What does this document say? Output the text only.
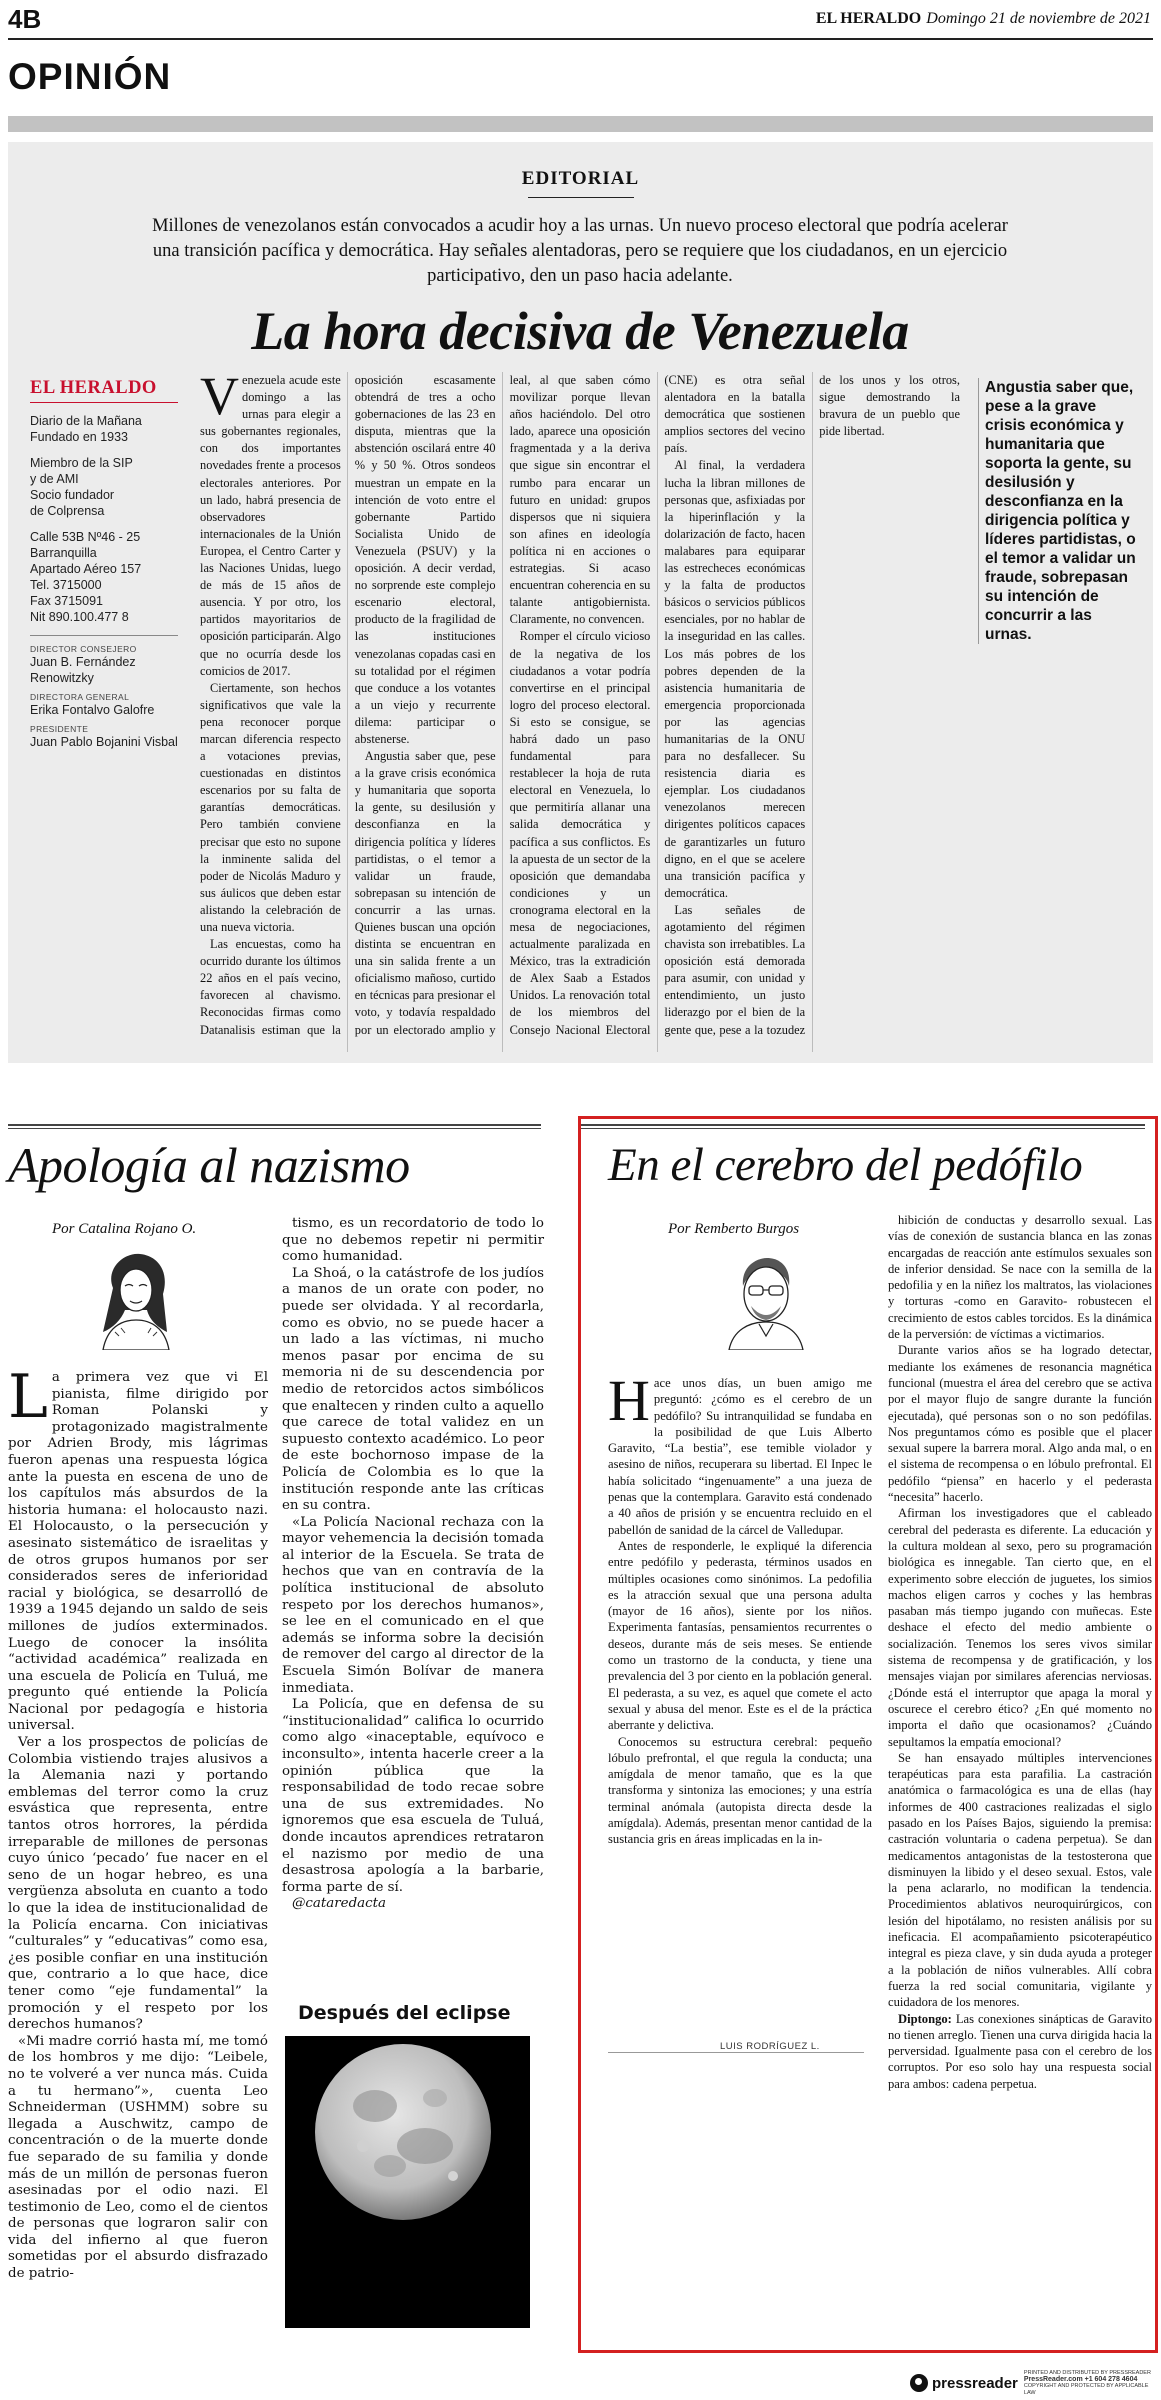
4B	EL HERALDO Domingo 21 de noviembre de 2021
OPINIÓN
EDITORIAL
Millones de venezolanos están convocados a acudir hoy a las urnas. Un nuevo proceso electoral que podría acelerar una transición pacífica y democrática. Hay señales alentadoras, pero se requiere que los ciudadanos, en un ejercicio participativo, den un paso hacia adelante.
La hora decisiva de Venezuela
EL HERALDO
Diario de la Mañana
Fundado en 1933
Miembro de la SIP
y de AMI
Socio fundador
de Colprensa
Calle 53B Nº46 - 25
Barranquilla
Apartado Aéreo 157
Tel. 3715000
Fax 3715091
Nit 890.100.477 8
DIRECTOR CONSEJERO
Juan B. Fernández Renowitzky
DIRECTORA GENERAL
Erika Fontalvo Galofre
PRESIDENTE
Juan Pablo Bojanini Visbal

Venezuela acude este domingo a las urnas para elegir a sus gobernantes regionales, con dos importantes novedades frente a procesos electorales anteriores. Por un lado, habrá presencia de observadores internacionales de la Unión Europea, el Centro Carter y las Naciones Unidas, luego de más de 15 años de ausencia. Y por otro, los partidos mayoritarios de oposición participarán. Algo que no ocurría desde los comicios de 2017.

Ciertamente, son hechos significativos que vale la pena reconocer porque marcan diferencia respecto a votaciones previas, cuestionadas en distintos escenarios por su falta de garantías democráticas. Pero también conviene precisar que esto no supone la inminente salida del poder de Nicolás Maduro y sus áulicos que deben estar alistando la celebración de una nueva victoria.

Las encuestas, como ha ocurrido durante los últimos 22 años en el país vecino, favorecen al chavismo. Reconocidas firmas como Datanalisis estiman que la oposición escasamente obtendrá de tres a ocho gobernaciones de las 23 en disputa, mientras que la abstención oscilará entre 40 % y 50 %. Otros sondeos muestran un empate en la intención de voto entre el gobernante Partido Socialista Unido de Venezuela (PSUV) y la oposición. A decir verdad, no sorprende este complejo escenario electoral, producto de la fragilidad de las instituciones venezolanas copadas casi en su totalidad por el régimen que conduce a los votantes a un viejo y recurrente dilema: participar o abstenerse.

Angustia saber que, pese a la grave crisis económica y humanitaria que soporta la gente, su desilusión y desconfianza en la dirigencia política y líderes partidistas, o el temor a validar un fraude, sobrepasan su intención de concurrir a las urnas. Quienes buscan una opción distinta se encuentran en una sin salida frente a un oficialismo mañoso, curtido en técnicas para presionar el voto, y todavía respaldado por un electorado amplio y leal, al que saben cómo movilizar porque llevan años haciéndolo. Del otro lado, aparece una oposición fragmentada y a la deriva que sigue sin encontrar el rumbo para encarar un futuro en unidad: grupos dispersos que ni siquiera son afines en ideología política ni en acciones o estrategias. Si acaso encuentran coherencia en su talante antigobiernista. Claramente, no convencen.

Romper el círculo vicioso de la negativa de los ciudadanos a votar podría convertirse en el principal logro del proceso electoral. Si esto se consigue, se habrá dado un paso fundamental para restablecer la hoja de ruta electoral en Venezuela, lo que permitiría allanar una salida democrática y pacífica a sus conflictos. Es la apuesta de un sector de la oposición que demandaba condiciones y un cronograma electoral en la mesa de negociaciones, actualmente paralizada en México, tras la extradición de Alex Saab a Estados Unidos. La renovación total de los miembros del Consejo Nacional Electoral (CNE) es otra señal alentadora en la batalla democrática que sostienen amplios sectores del vecino país.

Al final, la verdadera lucha la libran millones de personas que, asfixiadas por la hiperinflación y la dolarización de facto, hacen malabares para equiparar las estrecheces económicas y la falta de productos básicos o servicios públicos esenciales, por no hablar de la inseguridad en las calles. Los más pobres de los pobres dependen de la asistencia humanitaria de emergencia proporcionada por las agencias humanitarias de la ONU para no desfallecer. Su resistencia diaria es ejemplar. Los ciudadanos venezolanos merecen dirigentes políticos capaces de garantizarles un futuro digno, en el que se acelere una transición pacífica y democrática.

Las señales de agotamiento del régimen chavista son irrebatibles. La oposición está demorada para asumir, con unidad y entendimiento, un justo liderazgo por el bien de la gente que, pese a la tozudez de los unos y los otros, sigue demostrando la bravura de un pueblo que pide libertad.

Angustia saber que, pese a la grave crisis económica y humanitaria que soporta la gente, su desilusión y desconfianza en la dirigencia política y líderes partidistas, o el temor a validar un fraude, sobrepasan su intención de concurrir a las urnas.
Apología al nazismo
Por Catalina Rojano O.

La primera vez que vi El pianista, filme dirigido por Roman Polanski y protagonizado magistralmente por Adrien Brody, mis lágrimas fueron apenas una respuesta lógica ante la puesta en escena de uno de los capítulos más absurdos de la historia humana: el holocausto nazi. El Holocausto, o la persecución y asesinato sistemático de israelitas y de otros grupos humanos por ser considerados seres de inferioridad racial y biológica, se desarrolló de 1939 a 1945 dejando un saldo de seis millones de judíos exterminados. Luego de conocer la insólita “actividad académica” realizada en una escuela de Policía en Tuluá, me pregunto qué entiende la Policía Nacional por pedagogía e historia universal.

Ver a los prospectos de policías de Colombia vistiendo trajes alusivos a la Alemania nazi y portando emblemas del terror como la cruz esvástica que representa, entre tantos otros horrores, la pérdida irreparable de millones de personas cuyo único ‘pecado’ fue nacer en el seno de un hogar hebreo, es una vergüenza absoluta en cuanto a todo lo que la idea de institucionalidad de la Policía encarna. Con iniciativas “culturales” y “educativas” como esa, ¿es posible confiar en una institución que, contrario a lo que hace, dice tener como “eje fundamental” la promoción y el respeto por los derechos humanos?

«Mi madre corrió hasta mí, me tomó de los hombros y me dijo: “Leibele, no te volveré a ver nunca más. Cuida a tu hermano”», cuenta Leo Schneiderman (USHMM) sobre su llegada a Auschwitz, campo de concentración o de la muerte donde fue separado de su familia y donde más de un millón de personas fueron asesinadas por el odio nazi. El testimonio de Leo, como el de cientos de personas que lograron salir con vida del infierno al que fueron sometidas por el absurdo disfrazado de patrio-

tismo, es un recordatorio de todo lo que no debemos repetir ni permitir como humanidad.

La Shoá, o la catástrofe de los judíos a manos de un orate con poder, no puede ser olvidada. Y al recordarla, como es obvio, no se puede hacer a un lado a las víctimas, ni mucho menos pasar por encima de su memoria ni de su descendencia por medio de retorcidos actos simbólicos que enaltecen y rinden culto a aquello que carece de total validez en un supuesto contexto académico. Lo peor de este bochornoso impase de la Policía de Colombia es lo que la institución responde ante las críticas en su contra.

«La Policía Nacional rechaza con la mayor vehemencia la decisión tomada al interior de la Escuela. Se trata de hechos que van en contravía de la política institucional de absoluto respeto por los derechos humanos», se lee en el comunicado en el que además se informa sobre la decisión de remover del cargo al director de la Escuela Simón Bolívar de manera inmediata.

La Policía, que en defensa de su “institucionalidad” califica lo ocurrido como algo «inaceptable, equívoco e inconsulto», intenta hacerle creer a la opinión pública que la responsabilidad de todo recae sobre una de sus extremidades. No ignoremos que esa escuela de Tuluá, donde incautos aprendices retrataron el nazismo por medio de una desastrosa apología a la barbarie, forma parte de sí.

@cataredacta

Después del eclipse
En el cerebro del pedófilo
Por Remberto Burgos

Hace unos días, un buen amigo me preguntó: ¿cómo es el cerebro de un pedófilo? Su intranquilidad se fundaba en la posibilidad de que Luis Alberto Garavito, “La bestia”, ese temible violador y asesino de niños, recuperara su libertad. El Inpec le había solicitado “ingenuamente” a una jueza de penas que la contemplara. Garavito está condenado a 40 años de prisión y se encuentra recluido en el pabellón de sanidad de la cárcel de Valledupar.

Antes de responderle, le expliqué la diferencia entre pedófilo y pederasta, términos usados en múltiples ocasiones como sinónimos. La pedofilia es la atracción sexual que una persona adulta (mayor de 16 años), siente por los niños. Experimenta fantasías, pensamientos recurrentes o deseos, durante más de seis meses. Se entiende como un trastorno de la conducta, y tiene una prevalencia del 3 por ciento en la población general. El pederasta, a su vez, es aquel que comete el acto sexual y abusa del menor. Este es el de la práctica aberrante y delictiva.

Conocemos su estructura cerebral: pequeño lóbulo prefrontal, el que regula la conducta; una amígdala de menor tamaño, que es la que transforma y sintoniza las emociones; y una estría terminal anómala (autopista directa desde la amígdala). Además, presentan menor cantidad de la sustancia gris en áreas implicadas en la in-

LUIS RODRÍGUEZ L.

hibición de conductas y desarrollo sexual. Las vías de conexión de sustancia blanca en las zonas encargadas de reacción ante estímulos sexuales son de inferior densidad. Se nace con la semilla de la pedofilia y en la niñez los maltratos, las violaciones y torturas -como en Garavito- robustecen el crecimiento de estos cables torcidos. Es la dinámica de la perversión: de víctimas a victimarios.

Durante varios años se ha logrado detectar, mediante los exámenes de resonancia magnética funcional (muestra el área del cerebro que se activa por el mayor flujo de sangre durante la función ejecutada), qué personas son o no son pedófilas. Nos preguntamos cómo es posible que el placer sexual supere la barrera moral. Algo anda mal, o en el sistema de recompensa o en lóbulo prefrontal. El pedófilo “piensa” en hacerlo y el pederasta “necesita” hacerlo.

Afirman los investigadores que el cableado cerebral del pederasta es diferente. La educación y la cultura moldean al sexo, pero su programación biológica es innegable. Tan cierto que, en el experimento sobre elección de juguetes, los simios machos eligen carros y coches y las hembras pasaban más tiempo jugando con muñecas. Este deshace el efecto del medio ambiente o socialización. Tenemos los seres vivos similar sistema de recompensa y de gratificación, y los mensajes viajan por similares aferencias nerviosas. ¿Dónde está el interruptor que apaga la moral y oscurece el cerebro ético? ¿En qué momento no importa el daño que ocasionamos? ¿Cuándo sepultamos la empatía emocional?

Se han ensayado múltiples intervenciones terapéuticas para esta parafilia. La castración anatómica o farmacológica es una de ellas (hay informes de 400 castraciones realizadas el siglo pasado en los Países Bajos, siguiendo la premisa: castración voluntaria o cadena perpetua). Se dan medicamentos antagonistas de la testosterona que disminuyen la libido y el deseo sexual. Estos, vale la pena aclararlo, no modifican la tendencia. Procedimientos ablativos neuroquirúrgicos, con lesión del hipotálamo, no resisten análisis por su ineficacia. El acompañamiento psicoterapéutico integral es pieza clave, y sin duda ayuda a proteger a la población de niños vulnerables. Allí cobra fuerza la red social comunitaria, vigilante y cuidadora de los menores.

Diptongo: Las conexiones sinápticas de Garavito no tienen arreglo. Tienen una curva dirigida hacia la perversidad. Igualmente pasa con el cerebro de los corruptos. Por eso solo hay una respuesta social para ambos: cadena perpetua.

pressreader
PRINTED AND DISTRIBUTED BY PRESSREADER
PressReader.com +1 604 278 4604
COPYRIGHT AND PROTECTED BY APPLICABLE LAW
